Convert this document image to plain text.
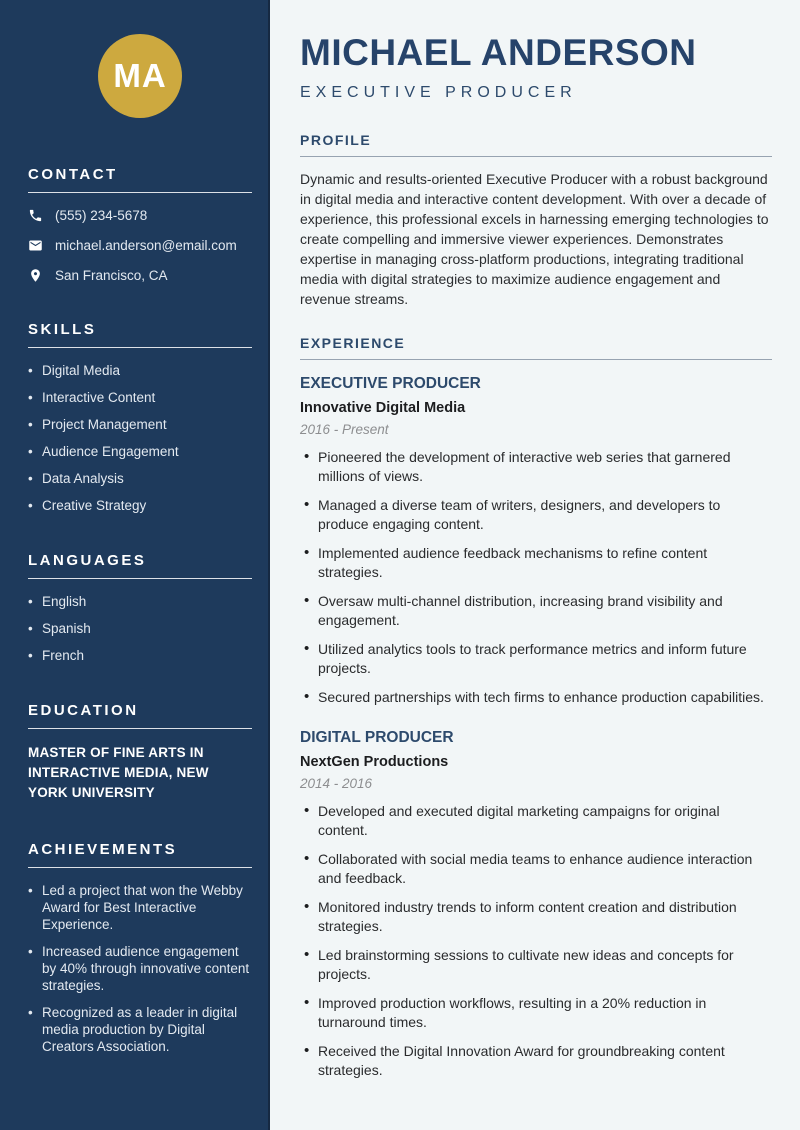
MA
CONTACT
(555) 234-5678
michael.anderson@email.com
San Francisco, CA
SKILLS
• Digital Media
• Interactive Content
• Project Management
• Audience Engagement
• Data Analysis
• Creative Strategy
LANGUAGES
• English
• Spanish
• French
EDUCATION

MASTER OF FINE ARTS IN INTERACTIVE MEDIA, NEW YORK UNIVERSITY

ACHIEVEMENTS
• Led a project that won the Webby Award for Best Interactive Experience.
• Increased audience engagement by 40% through innovative content strategies.
• Recognized as a leader in digital media production by Digital Creators Association.
MICHAEL ANDERSON
EXECUTIVE PRODUCER
PROFILE

Dynamic and results-oriented Executive Producer with a robust background in digital media and interactive content development. With over a decade of experience, this professional excels in harnessing emerging technologies to create compelling and immersive viewer experiences. Demonstrates expertise in managing cross-platform productions, integrating traditional media with digital strategies to maximize audience engagement and revenue streams.

EXPERIENCE
EXECUTIVE PRODUCER
Innovative Digital Media
2016 - Present
• Pioneered the development of interactive web series that garnered millions of views.
• Managed a diverse team of writers, designers, and developers to produce engaging content.
• Implemented audience feedback mechanisms to refine content strategies.
• Oversaw multi-channel distribution, increasing brand visibility and engagement.
• Utilized analytics tools to track performance metrics and inform future projects.
• Secured partnerships with tech firms to enhance production capabilities.
DIGITAL PRODUCER
NextGen Productions
2014 - 2016
• Developed and executed digital marketing campaigns for original content.
• Collaborated with social media teams to enhance audience interaction and feedback.
• Monitored industry trends to inform content creation and distribution strategies.
• Led brainstorming sessions to cultivate new ideas and concepts for projects.
• Improved production workflows, resulting in a 20% reduction in turnaround times.
• Received the Digital Innovation Award for groundbreaking content strategies.
